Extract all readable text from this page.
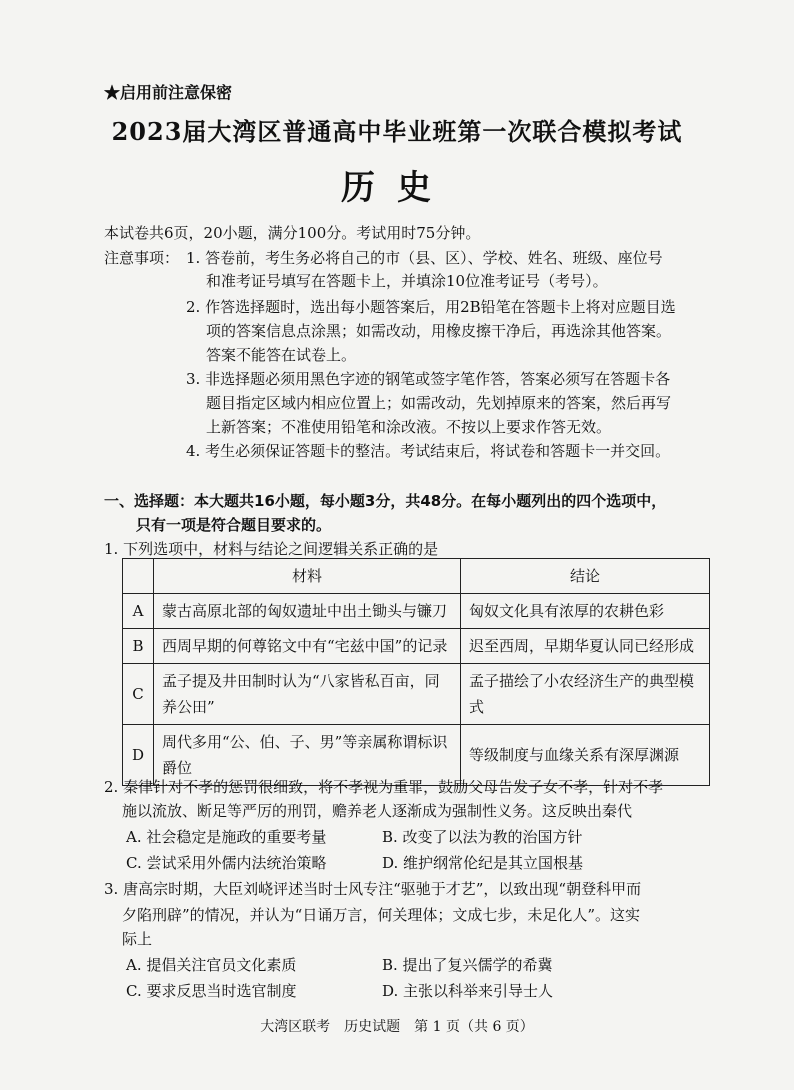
★启用前注意保密
2023届大湾区普通高中毕业班第一次联合模拟考试
历史
本试卷共6页，20小题，满分100分。考试用时75分钟。
注意事项： 1. 答卷前，考生务必将自己的市（县、区）、学校、姓名、班级、座位号
和准考证号填写在答题卡上，并填涂10位准考证号（考号）。
2. 作答选择题时，选出每小题答案后，用2B铅笔在答题卡上将对应题目选
项的答案信息点涂黑；如需改动，用橡皮擦干净后，再选涂其他答案。
答案不能答在试卷上。
3. 非选择题必须用黑色字迹的钢笔或签字笔作答，答案必须写在答题卡各
题目指定区域内相应位置上；如需改动，先划掉原来的答案，然后再写
上新答案；不准使用铅笔和涂改液。不按以上要求作答无效。
4. 考生必须保证答题卡的整洁。考试结束后，将试卷和答题卡一并交回。
一、选择题：本大题共16小题，每小题3分，共48分。在每小题列出的四个选项中，
只有一项是符合题目要求的。
1. 下列选项中，材料与结论之间逻辑关系正确的是
	材料	结论
A	蒙古高原北部的匈奴遗址中出土锄头与镰刀	匈奴文化具有浓厚的农耕色彩
B	西周早期的何尊铭文中有“宅兹中国”的记录	迟至西周，早期华夏认同已经形成
C	孟子提及井田制时认为“八家皆私百亩，同养公田”	孟子描绘了小农经济生产的典型模式
D	周代多用“公、伯、子、男”等亲属称谓标识爵位	等级制度与血缘关系有深厚渊源
2. 秦律针对不孝的惩罚很细致，将不孝视为重罪，鼓励父母告发子女不孝，针对不孝
施以流放、断足等严厉的刑罚，赡养老人逐渐成为强制性义务。这反映出秦代
A. 社会稳定是施政的重要考量	B. 改变了以法为教的治国方针
C. 尝试采用外儒内法统治策略	D. 维护纲常伦纪是其立国根基
3. 唐高宗时期，大臣刘峣评述当时士风专注“驱驰于才艺”，以致出现“朝登科甲而
夕陷刑辟”的情况，并认为“日诵万言，何关理体；文成七步，未足化人”。这实
际上
A. 提倡关注官员文化素质	B. 提出了复兴儒学的希冀
C. 要求反思当时选官制度	D. 主张以科举来引导士人
大湾区联考　历史试题　第 1 页（共 6 页）
